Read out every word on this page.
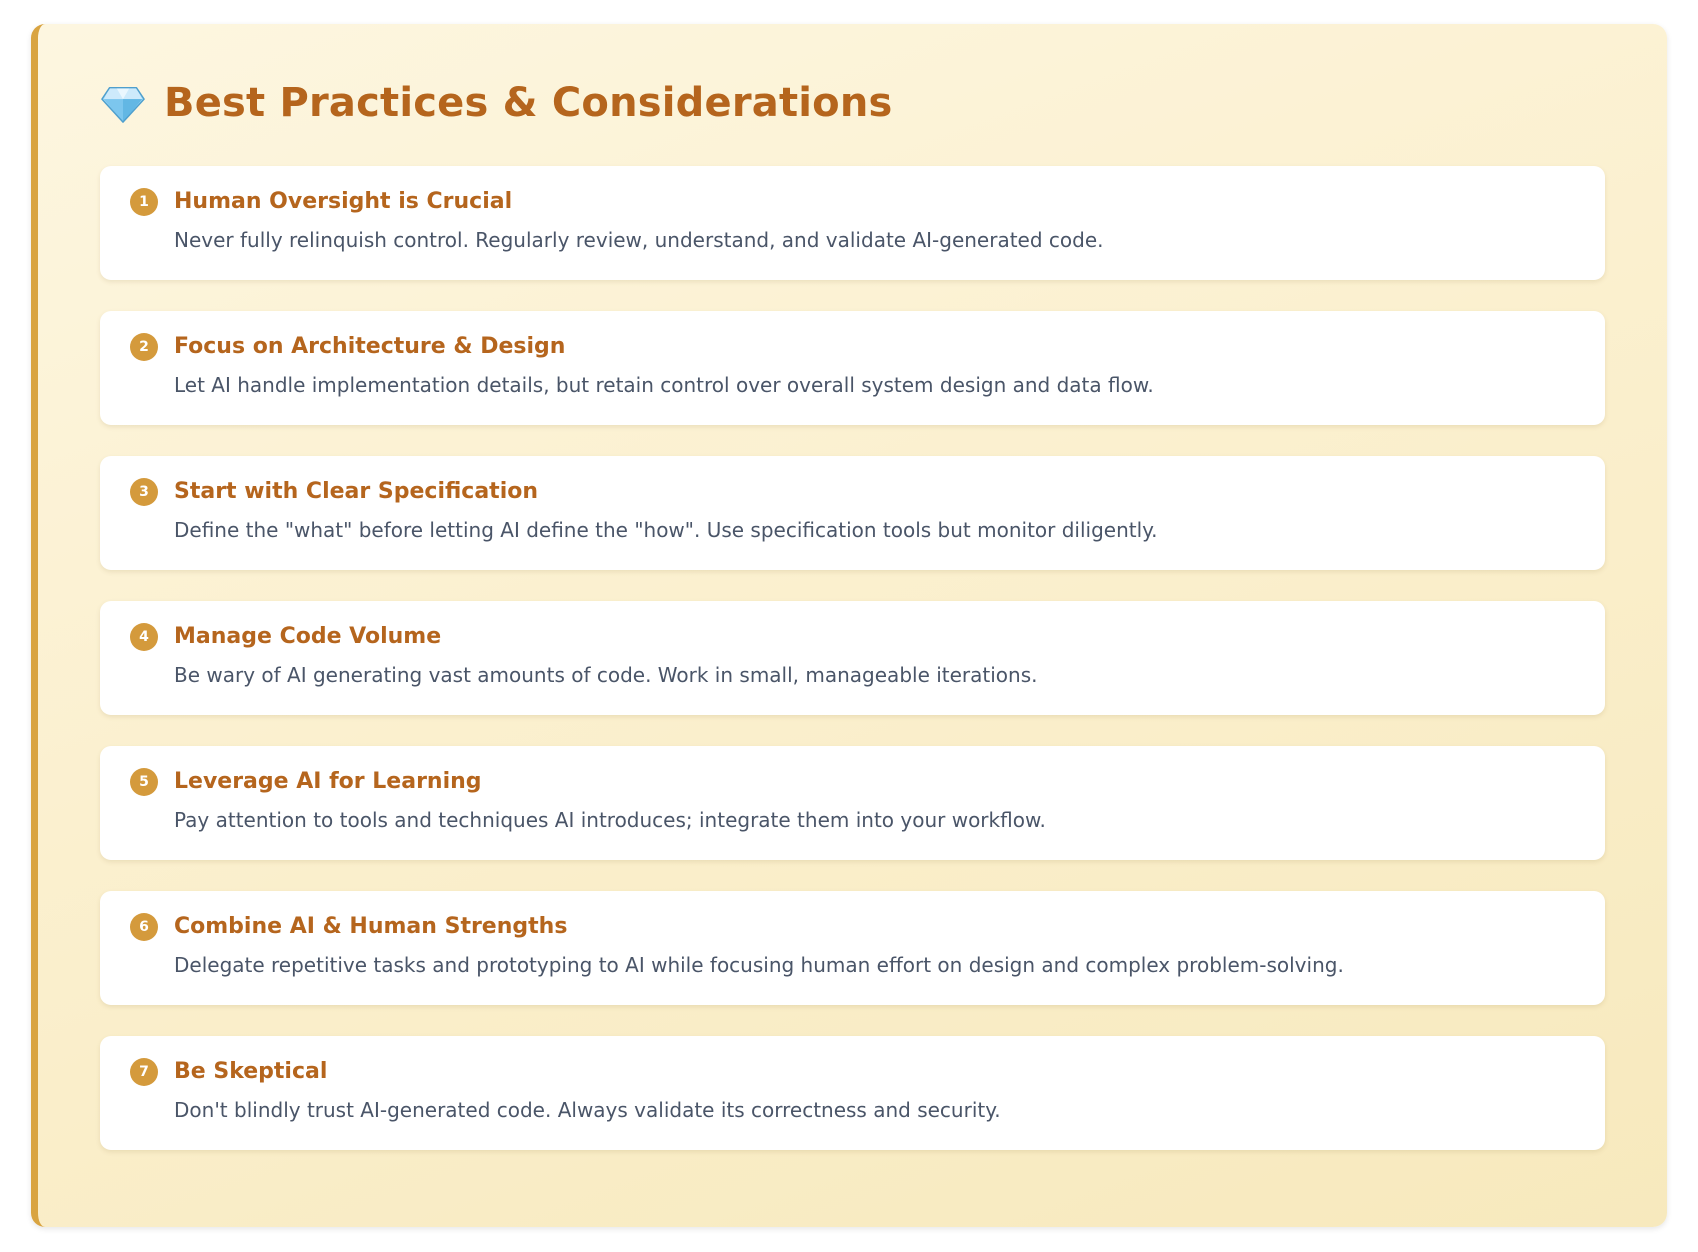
Best Practices & Considerations
1	Human Oversight is Crucial
Never fully relinquish control. Regularly review, understand, and validate AI-generated code.
2	Focus on Architecture & Design
Let AI handle implementation details, but retain control over overall system design and data flow.
3	Start with Clear Specification
Define the "what" before letting AI define the "how". Use specification tools but monitor diligently.
4	Manage Code Volume
Be wary of AI generating vast amounts of code. Work in small, manageable iterations.
5	Leverage AI for Learning
Pay attention to tools and techniques AI introduces; integrate them into your workflow.
6	Combine AI & Human Strengths
Delegate repetitive tasks and prototyping to AI while focusing human effort on design and complex problem-solving.
7	Be Skeptical
Don't blindly trust AI-generated code. Always validate its correctness and security.
